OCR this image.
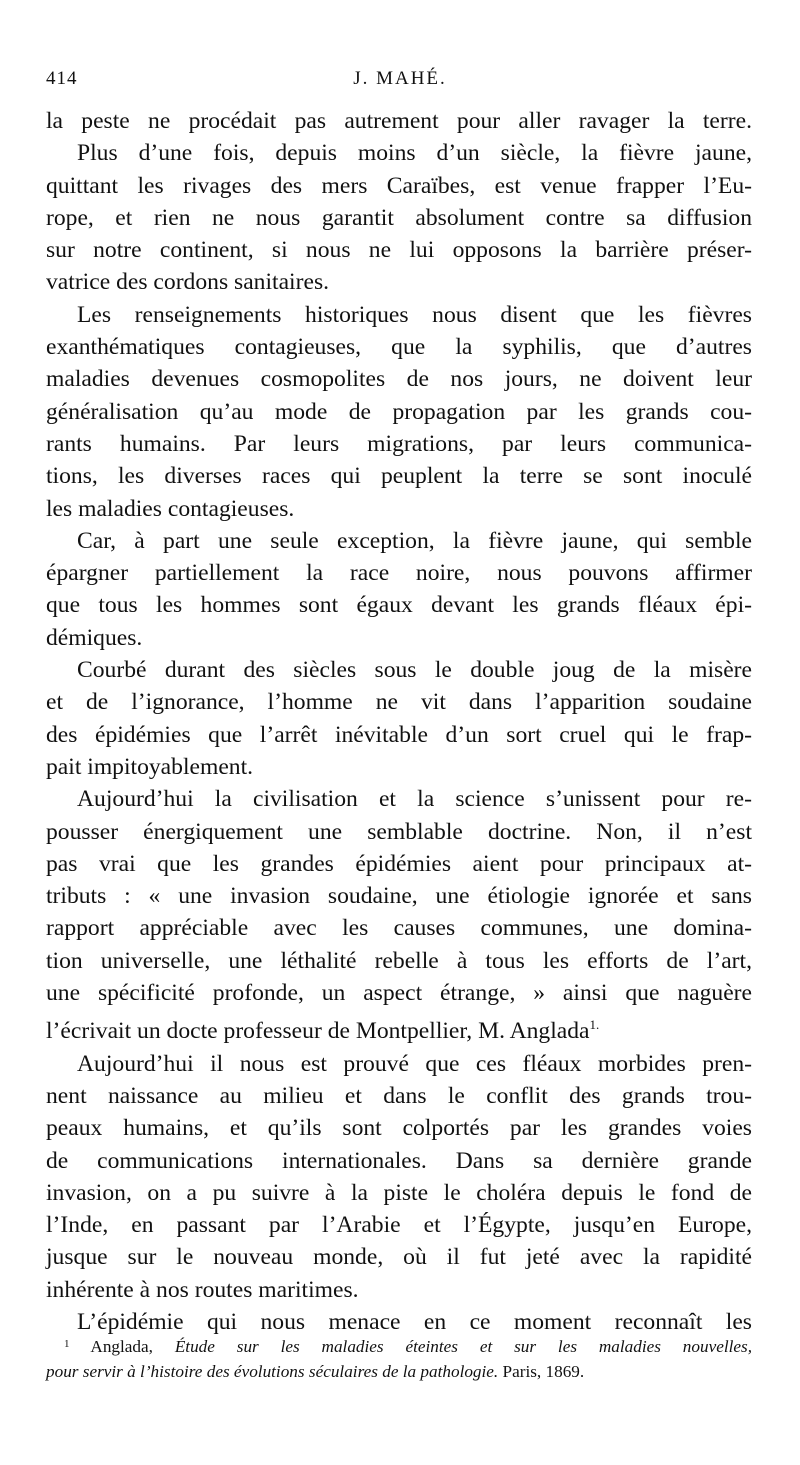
414	J. MAHÉ.

la peste ne procédait pas autrement pour aller ravager la terre.

Plus d’une fois, depuis moins d’un siècle, la fièvre jaune,

quittant les rivages des mers Caraïbes, est venue frapper l’Eu-

rope, et rien ne nous garantit absolument contre sa diffusion

sur notre continent, si nous ne lui opposons la barrière préser-

vatrice des cordons sanitaires.

Les renseignements historiques nous disent que les fièvres

exanthématiques contagieuses, que la syphilis, que d’autres

maladies devenues cosmopolites de nos jours, ne doivent leur

généralisation qu’au mode de propagation par les grands cou-

rants humains. Par leurs migrations, par leurs communica-

tions, les diverses races qui peuplent la terre se sont inoculé

les maladies contagieuses.

Car, à part une seule exception, la fièvre jaune, qui semble

épargner partiellement la race noire, nous pouvons affirmer

que tous les hommes sont égaux devant les grands fléaux épi-

démiques.

Courbé durant des siècles sous le double joug de la misère

et de l’ignorance, l’homme ne vit dans l’apparition soudaine

des épidémies que l’arrêt inévitable d’un sort cruel qui le frap-

pait impitoyablement.

Aujourd’hui la civilisation et la science s’unissent pour re-

pousser énergiquement une semblable doctrine. Non, il n’est

pas vrai que les grandes épidémies aient pour principaux at-

tributs : « une invasion soudaine, une étiologie ignorée et sans

rapport appréciable avec les causes communes, une domina-

tion universelle, une léthalité rebelle à tous les efforts de l’art,

une spécificité profonde, un aspect étrange, » ainsi que naguère

l’écrivait un docte professeur de Montpellier, M. Anglada$^{1.}$

Aujourd’hui il nous est prouvé que ces fléaux morbides pren-

nent naissance au milieu et dans le conflit des grands trou-

peaux humains, et qu’ils sont colportés par les grandes voies

de communications internationales. Dans sa dernière grande

invasion, on a pu suivre à la piste le choléra depuis le fond de

l’Inde, en passant par l’Arabie et l’Égypte, jusqu’en Europe,

jusque sur le nouveau monde, où il fut jeté avec la rapidité

inhérente à nos routes maritimes.

L’épidémie qui nous menace en ce moment reconnaît les

$^1$ Anglada, Étude sur les maladies éteintes et sur les maladies nouvelles,

pour servir à l’histoire des évolutions séculaires de la pathologie. Paris, 1869.
